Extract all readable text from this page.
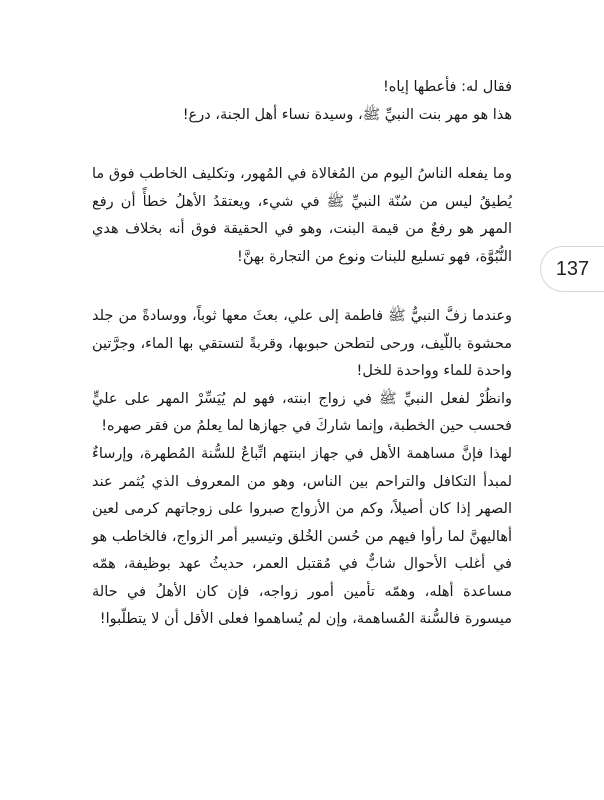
فقال له: فأعطها إياه!

هذا هو مهر بنت النبيِّ ﷺ، وسيدة نساء أهل الجنة، درع!

وما يفعله الناسُ اليوم من المُغالاة في المُهور، وتكليف الخاطب فوق ما يُطيقُ ليس من سُنّة النبيِّ ﷺ في شيء، ويعتقدُ الأهلُ خطأً أن رفع المهر هو رفعٌ من قيمة البنت، وهو في الحقيقة فوق أنه بخلاف هدي النُّبُوَّة، فهو تسليع للبنات ونوع من التجارة بهنَّ!

وعندما زفَّ النبيُّ ﷺ فاطمة إلى علي، بعثَ معها ثوباً، ووسادةً من جلد محشوة باللّيف، ورحى لتطحن حبوبها، وقربةً لتستقي بها الماء، وجرَّتين واحدة للماء وواحدة للخل!

وانظُرْ لفعل النبيِّ ﷺ في زواج ابنته، فهو لم يُيَسِّرْ المهر على عليٍّ فحسب حين الخطبة، وإنما شاركَ في جهازها لما يعلمُ من فقر صهره!

لهذا فإنَّ مساهمة الأهل في جهاز ابنتهم اتِّباعٌ للسُّنة المُطهرة، وإرساءٌ لمبدأ التكافل والتراحم بين الناس، وهو من المعروف الذي يُثمر عند الصهر إذا كان أصيلاً، وكم من الأزواج صبروا على زوجاتهم كرمى لعين أهاليهنَّ لما رأوا فيهم من حُسن الخُلق وتيسير أمر الزواج، فالخاطب هو في أغلب الأحوال شابٌّ في مُقتبل العمر، حديثُ عهد بوظيفة، همّه مساعدة أهله، وهمّه تأمين أمور زواجه، فإن كان الأهلُ في حالة ميسورة فالسُّنة المُساهمة، وإن لم يُساهموا فعلى الأقل أن لا يتطلّبوا!

137
